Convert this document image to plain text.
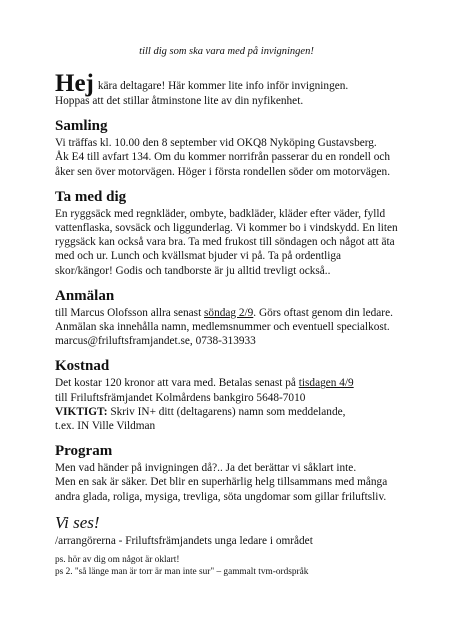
till dig som ska vara med på invigningen!

Hej kära deltagare! Här kommer lite info inför invigningen.

Hoppas att det stillar åtminstone lite av din nyfikenhet.

Samling

Vi träffas kl. 10.00 den 8 september vid OKQ8 Nyköping Gustavsberg.

Åk E4 till avfart 134. Om du kommer norrifrån passerar du en rondell och

åker sen över motorvägen. Höger i första rondellen söder om motorvägen.

Ta med dig

En ryggsäck med regnkläder, ombyte, badkläder, kläder efter väder, fylld

vattenflaska, sovsäck och liggunderlag. Vi kommer bo i vindskydd. En liten

ryggsäck kan också vara bra. Ta med frukost till söndagen och något att äta

med och ur. Lunch och kvällsmat bjuder vi på. Ta på ordentliga

skor/kängor! Godis och tandborste är ju alltid trevligt också..

Anmälan

till Marcus Olofsson allra senast söndag 2/9. Görs oftast genom din ledare.

Anmälan ska innehålla namn, medlemsnummer och eventuell specialkost.

marcus@friluftsframjandet.se, 0738-313933

Kostnad

Det kostar 120 kronor att vara med. Betalas senast på tisdagen 4/9

till Friluftsfrämjandet Kolmårdens bankgiro 5648-7010

VIKTIGT: Skriv IN+ ditt (deltagarens) namn som meddelande,

t.ex. IN Ville Vildman

Program

Men vad händer på invigningen då?.. Ja det berättar vi såklart inte.

Men en sak är säker. Det blir en superhärlig helg tillsammans med många

andra glada, roliga, mysiga, trevliga, söta ungdomar som gillar friluftsliv.

Vi ses!

/arrangörerna - Friluftsfrämjandets unga ledare i området

ps. hör av dig om något är oklart!

ps 2. "så länge man är torr är man inte sur" – gammalt tvm-ordspråk
